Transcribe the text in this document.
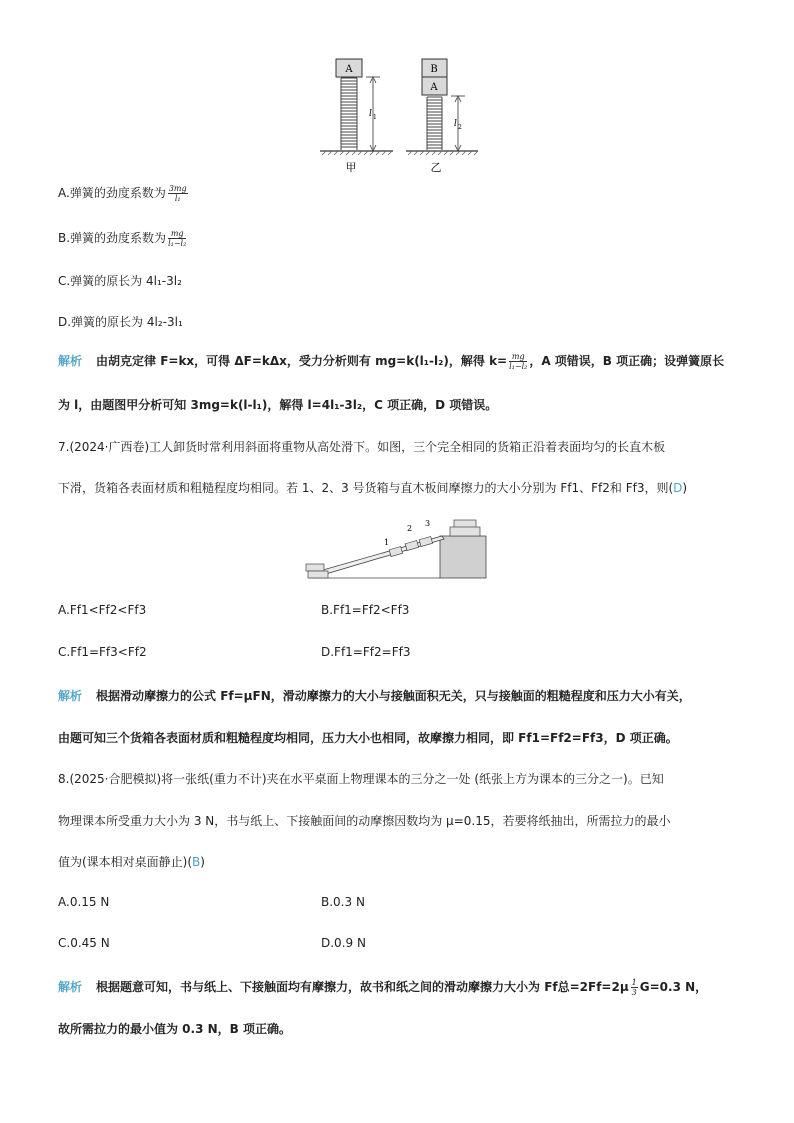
A
l 1
甲
B
A
l 2
乙
A.弹簧的劲度系数为 $\frac{3mg}{\text{l₁}}$
B.弹簧的劲度系数为 $\frac{mg}{\text{l₁−l₂}}$
C.弹簧的原长为 4l₁-3l₂
D.弹簧的原长为 4l₂-3l₁
解析 由胡克定律 F=kx，可得 ΔF=kΔx，受力分析则有 mg=k(l₁-l₂)，解得 $k= \frac{mg}{\text{l₁−l₂}}$ ，A 项错误，B 项正确；设弹簧原长
为 l，由题图甲分析可知 3mg=k(l-l₁)，解得 l=4l₁-3l₂，C 项正确，D 项错误。
7.(2024·广西卷)工人卸货时常利用斜面将重物从高处滑下。如图，三个完全相同的货箱正沿着表面均匀的长直木板
下滑，货箱各表面材质和粗糙程度均相同。若 1、2、3 号货箱与直木板间摩擦力的大小分别为 Ff1、Ff2和 Ff3，则(D)
1
2
3
A.Ff1<Ff2<Ff3	B.Ff1=Ff2<Ff3
C.Ff1=Ff3<Ff2	D.Ff1=Ff2=Ff3
解析 根据滑动摩擦力的公式 Ff=μFN，滑动摩擦力的大小与接触面积无关，只与接触面的粗糙程度和压力大小有关，
由题可知三个货箱各表面材质和粗糙程度均相同，压力大小也相同，故摩擦力相同，即 Ff1=Ff2=Ff3，D 项正确。
8.(2025·合肥模拟)将一张纸(重力不计)夹在水平桌面上物理课本的三分之一处 (纸张上方为课本的三分之一)。已知
物理课本所受重力大小为 3 N，书与纸上、下接触面间的动摩擦因数均为 μ=0.15，若要将纸抽出，所需拉力的最小
值为(课本相对桌面静止)(B)
A.0.15 N	B.0.3 N
C.0.45 N	D.0.9 N
解析 根据题意可知，书与纸上、下接触面均有摩擦力，故书和纸之间的滑动摩擦力大小为 Ff总$=2Ff=2\mu \frac{1}{3} G=0.3$ N，
故所需拉力的最小值为 0.3 N，B 项正确。
